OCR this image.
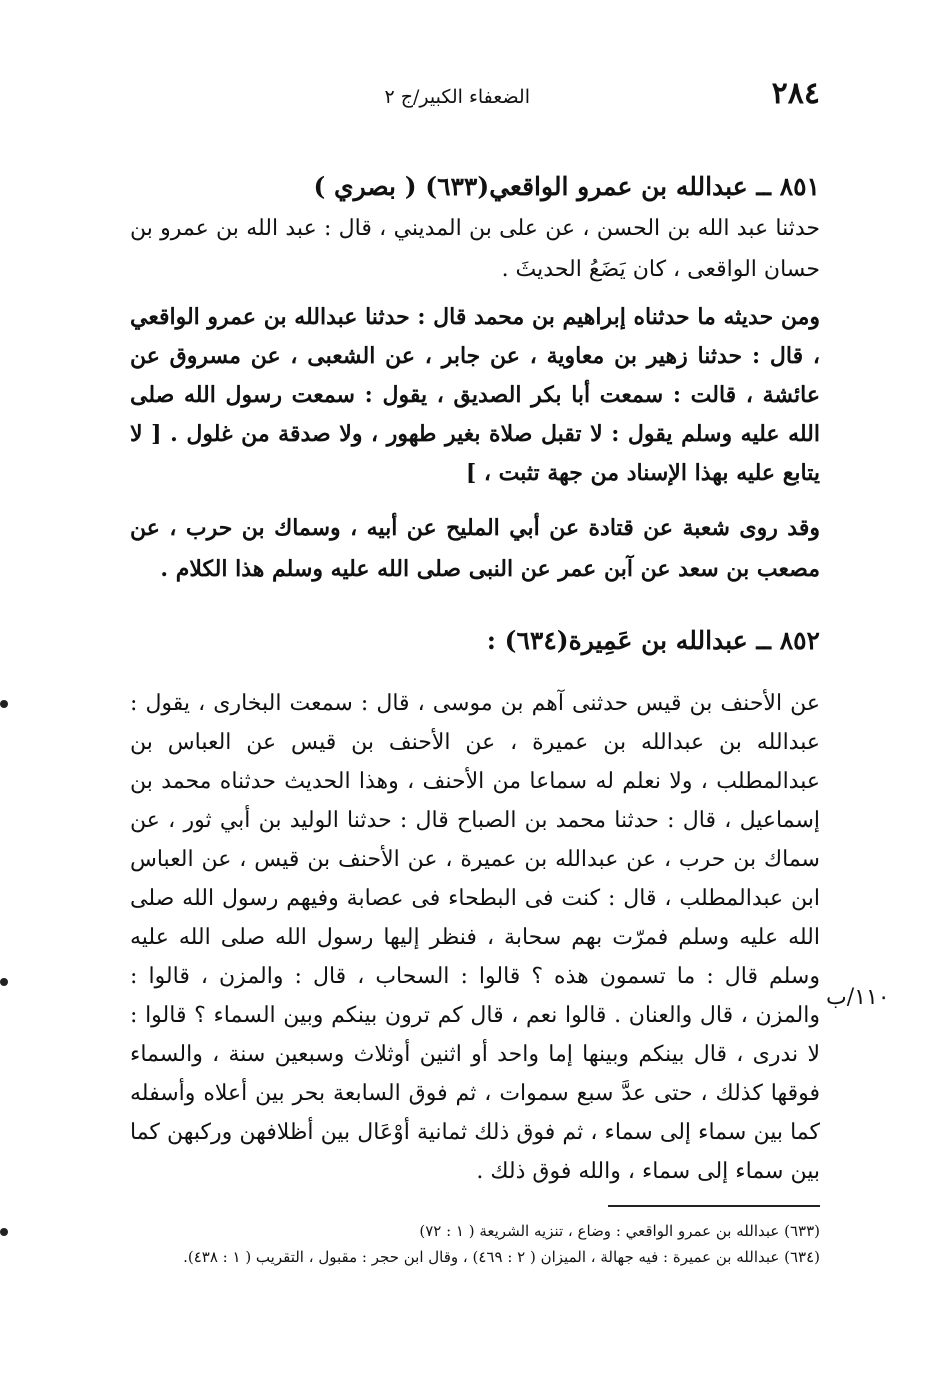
٢٨٤
الضعفاء الكبير/ج ٢
٨٥١ ــ عبدالله بن عمرو الواقعي(٦٣٣) ( بصري )

حدثنا عبد الله بن الحسن ، عن على بن المديني ، قال : عبد الله بن عمرو بن حسان الواقعى ، كان يَضَعُ الحديثَ .

ومن حديثه ما حدثناه إبراهيم بن محمد قال : حدثنا عبدالله بن عمرو الواقعي ، قال : حدثنا زهير بن معاوية ، عن جابر ، عن الشعبى ، عن مسروق عن عائشة ، قالت : سمعت أبا بكر الصديق ، يقول : سمعت رسول الله صلى الله عليه وسلم يقول : لا تقبل صلاة بغير طهور ، ولا صدقة من غلول . [ لا يتابع عليه بهذا الإسناد من جهة تثبت ، ]

وقد روى شعبة عن قتادة عن أبي المليح عن أبيه ، وسماك بن حرب ، عن مصعب بن سعد عن آبن عمر عن النبى صلى الله عليه وسلم هذا الكلام .

٨٥٢ ــ عبدالله بن عَمِيرة(٦٣٤) :

عن الأحنف بن قيس حدثنى آهم بن موسى ، قال : سمعت البخارى ، يقول : عبدالله بن عبدالله بن عميرة ، عن الأحنف بن قيس عن العباس بن عبدالمطلب ، ولا نعلم له سماعا من الأحنف ، وهذا الحديث حدثناه محمد بن إسماعيل ، قال : حدثنا محمد بن الصباح قال : حدثنا الوليد بن أبي ثور ، عن سماك بن حرب ، عن عبدالله بن عميرة ، عن الأحنف بن قيس ، عن العباس ابن عبدالمطلب ، قال : كنت فى البطحاء فى عصابة وفيهم رسول الله صلى الله عليه وسلم فمرّت بهم سحابة ، فنظر إليها رسول الله صلى الله عليه وسلم قال : ما تسمون هذه ؟ قالوا : السحاب ، قال : والمزن ، قالوا : والمزن ، قال والعنان . قالوا نعم ، قال كم ترون بينكم وبين السماء ؟ قالوا : لا ندرى ، قال بينكم وبينها إما واحد أو اثنين أوثلاث وسبعين سنة ، والسماء فوقها كذلك ، حتى عدَّ سبع سموات ، ثم فوق السابعة بحر بين أعلاه وأسفله كما بين سماء إلى سماء ، ثم فوق ذلك ثمانية أوْعَال بين أظلافهن وركبهن كما بين سماء إلى سماء ، والله فوق ذلك .

١١٠/ب
(٦٣٣) عبدالله بن عمرو الواقعي : وضاع ، تنزيه الشريعة ( ١ : ٧٢)
(٦٣٤) عبدالله بن عميرة : فيه جهالة ، الميزان ( ٢ : ٤٦٩) ، وقال ابن حجر : مقبول ، التقريب ( ١ : ٤٣٨).
